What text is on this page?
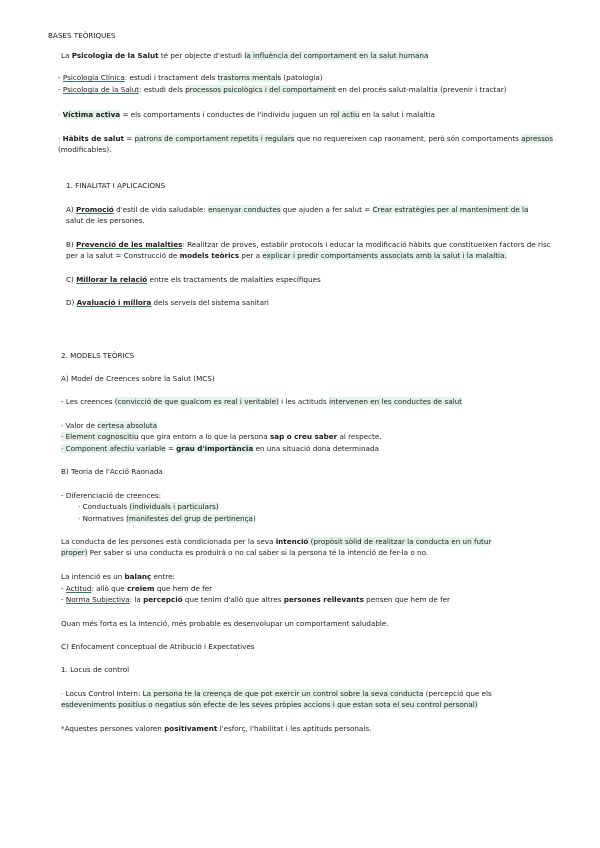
BASES TEÒRIQUES
La Psicologia de la Salut té per objecte d'estudi la influència del comportament en la salut humana
- Psicologia Clínica: estudi i tractament dels trastorns mentals (patologia)
- Psicologia de la Salut: estudi dels processos psicològics i del comportament en del procés salut-malaltia (prevenir i tractar)
· Víctima activa = els comportaments i conductes de l'individu juguen un rol actiu en la salut i malaltia
· Hàbits de salut = patrons de comportament repetits i regulars que no requereixen cap raonament, però són comportaments apressos
(modificables).
1. FINALITAT I APLICACIONS
A) Promoció d'estil de vida saludable: ensenyar conductes que ajuden a fer salut = Crear estratègies per al manteniment de la
salut de les persones.
B) Prevenció de les malalties: Realitzar de proves, establir protocols i educar la modificació hàbits que constitueixen factors de risc
per a la salut = Construcció de models teòrics per a explicar i predir comportaments associats amb la salut i la malaltia.
C) Millorar la relació entre els tractaments de malalties específiques
D) Avaluació i millora dels serveis del sistema sanitari
2. MODELS TEÒRICS
A) Model de Creences sobre la Salut (MCS)
- Les creences (convicció de que qualcom es real i veritable) i les actituds intervenen en les conductes de salut
· Valor de certesa absoluta
· Element cognoscitiu que gira entorn a lo que la persona sap o creu saber al respecte.
· Component afectiu variable = grau d'importància en una situació dona determinada
B) Teoria de l'Acció Raonada
- Diferenciació de creences:
· Conductuals (individuals i particulars)
· Normatives (manifestes del grup de pertinença)
La conducta de les persones està condicionada per la seva intenció (propòsit sòlid de realitzar la conducta en un futur
proper) Per saber si una conducta es produirà o no cal saber si la persona té la intenció de fer-la o no.
La intenció es un balanç entre:
- Actitud: allò que creiem que hem de fer
- Norma Subjectiva: la percepció que tenim d'allò que altres persones rellevants pensen que hem de fer
Quan més forta es la intenció, més probable es desenvolupar un comportament saludable.
C) Enfocament conceptual de Atribució i Expectatives
1. Locus de control
· Locus Control Intern: La persona te la creença de que pot exercir un control sobre la seva conducta (percepció que els
esdeveniments positius o negatius són efecte de les seves pròpies accions i que estan sota el seu control personal)
*Aquestes persones valoren positivament l'esforç, l'habilitat i les aptituds personals.
